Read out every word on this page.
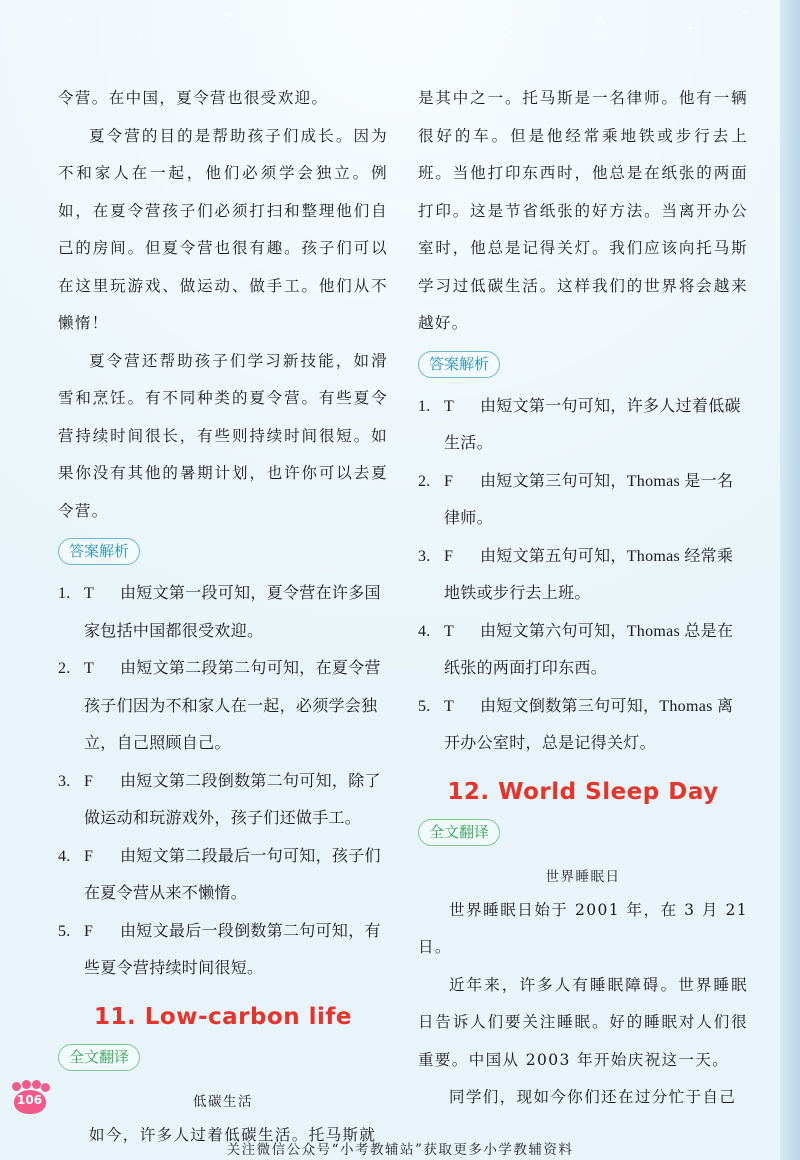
令营。在中国，夏令营也很受欢迎。

夏令营的目的是帮助孩子们成长。因为不和家人在一起，他们必须学会独立。例如，在夏令营孩子们必须打扫和整理他们自己的房间。但夏令营也很有趣。孩子们可以在这里玩游戏、做运动、做手工。他们从不懒惰！

夏令营还帮助孩子们学习新技能，如滑雪和烹饪。有不同种类的夏令营。有些夏令营持续时间很长，有些则持续时间很短。如果你没有其他的暑期计划，也许你可以去夏令营。

答案解析
1. T 由短文第一段可知，夏令营在许多国家包括中国都很受欢迎。
2. T 由短文第二段第二句可知，在夏令营孩子们因为不和家人在一起，必须学会独立，自己照顾自己。
3. F 由短文第二段倒数第二句可知，除了做运动和玩游戏外，孩子们还做手工。
4. F 由短文第二段最后一句可知，孩子们在夏令营从来不懒惰。
5. F 由短文最后一段倒数第二句可知，有些夏令营持续时间很短。
11. Low-carbon life
全文翻译
低碳生活

如今，许多人过着低碳生活。托马斯就

是其中之一。托马斯是一名律师。他有一辆很好的车。但是他经常乘地铁或步行去上班。当他打印东西时，他总是在纸张的两面打印。这是节省纸张的好方法。当离开办公室时，他总是记得关灯。我们应该向托马斯学习过低碳生活。这样我们的世界将会越来越好。

答案解析
1. T 由短文第一句可知，许多人过着低碳生活。
2. F 由短文第三句可知，Thomas 是一名律师。
3. F 由短文第五句可知，Thomas 经常乘地铁或步行去上班。
4. T 由短文第六句可知，Thomas 总是在纸张的两面打印东西。
5. T 由短文倒数第三句可知，Thomas 离开办公室时，总是记得关灯。
12. World Sleep Day
全文翻译
世界睡眠日

世界睡眠日始于 2001 年，在 3 月 21 日。

近年来，许多人有睡眠障碍。世界睡眠日告诉人们要关注睡眠。好的睡眠对人们很重要。中国从 2003 年开始庆祝这一天。

同学们，现如今你们还在过分忙于自己

106
关注微信公众号“小考教辅站”获取更多小学教辅资料
